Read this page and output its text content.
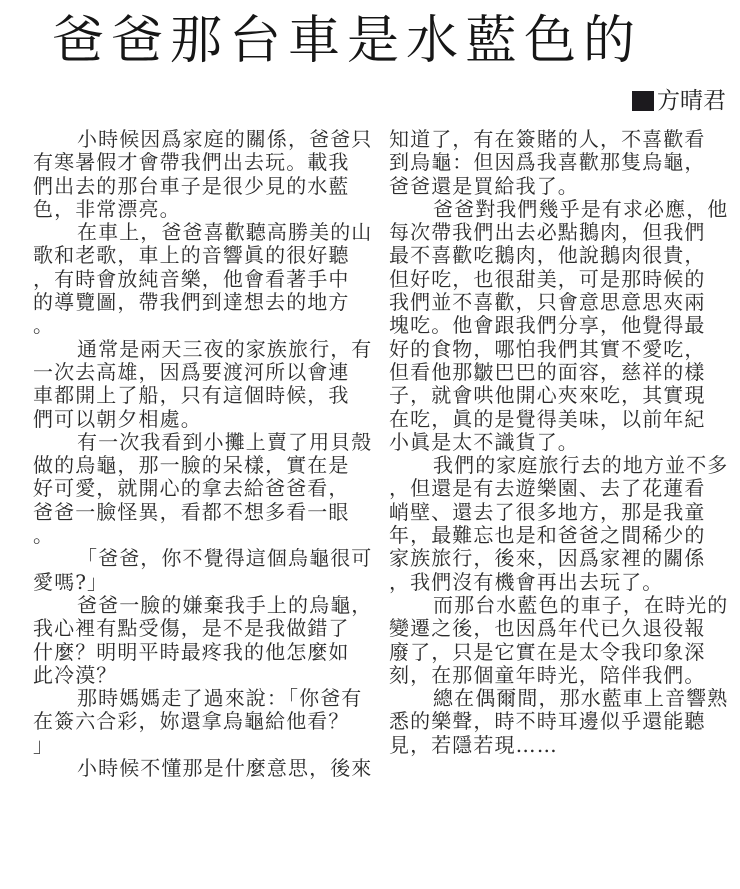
爸爸那台車是水藍色的
方晴君
小時候因爲家庭的關係，爸爸只
有寒暑假才會帶我們出去玩。載我
們出去的那台車子是很少見的水藍
色，非常漂亮。
在車上，爸爸喜歡聽高勝美的山
歌和老歌，車上的音響眞的很好聽
，有時會放純音樂，他會看著手中
的導覽圖，帶我們到達想去的地方
。
通常是兩天三夜的家族旅行，有
一次去高雄，因爲要渡河所以會連
車都開上了船，只有這個時候，我
們可以朝夕相處。
有一次我看到小攤上賣了用貝殼
做的烏龜，那一臉的呆樣，實在是
好可愛，就開心的拿去給爸爸看，
爸爸一臉怪異，看都不想多看一眼
。
「爸爸，你不覺得這個烏龜很可
愛嗎?」
爸爸一臉的嫌棄我手上的烏龜，
我心裡有點受傷，是不是我做錯了
什麼？明明平時最疼我的他怎麼如
此冷漠？
那時媽媽走了過來說：「你爸有
在簽六合彩，妳還拿烏龜給他看？
」
小時候不懂那是什麼意思，後來
知道了，有在簽賭的人，不喜歡看
到烏龜：但因爲我喜歡那隻烏龜，
爸爸還是買給我了。
爸爸對我們幾乎是有求必應，他
每次帶我們出去必點鵝肉，但我們
最不喜歡吃鵝肉，他說鵝肉很貴，
但好吃，也很甜美，可是那時候的
我們並不喜歡，只會意思意思夾兩
塊吃。他會跟我們分享，他覺得最
好的食物，哪怕我們其實不愛吃，
但看他那皺巴巴的面容，慈祥的樣
子，就會哄他開心夾來吃，其實現
在吃，眞的是覺得美味，以前年紀
小眞是太不識貨了。
我們的家庭旅行去的地方並不多
，但還是有去遊樂園、去了花蓮看
峭壁、還去了很多地方，那是我童
年，最難忘也是和爸爸之間稀少的
家族旅行，後來，因爲家裡的關係
，我們沒有機會再出去玩了。
而那台水藍色的車子，在時光的
變遷之後，也因爲年代已久退役報
廢了，只是它實在是太令我印象深
刻，在那個童年時光，陪伴我們。
總在偶爾間，那水藍車上音響熟
悉的樂聲，時不時耳邊似乎還能聽
見，若隱若現……
